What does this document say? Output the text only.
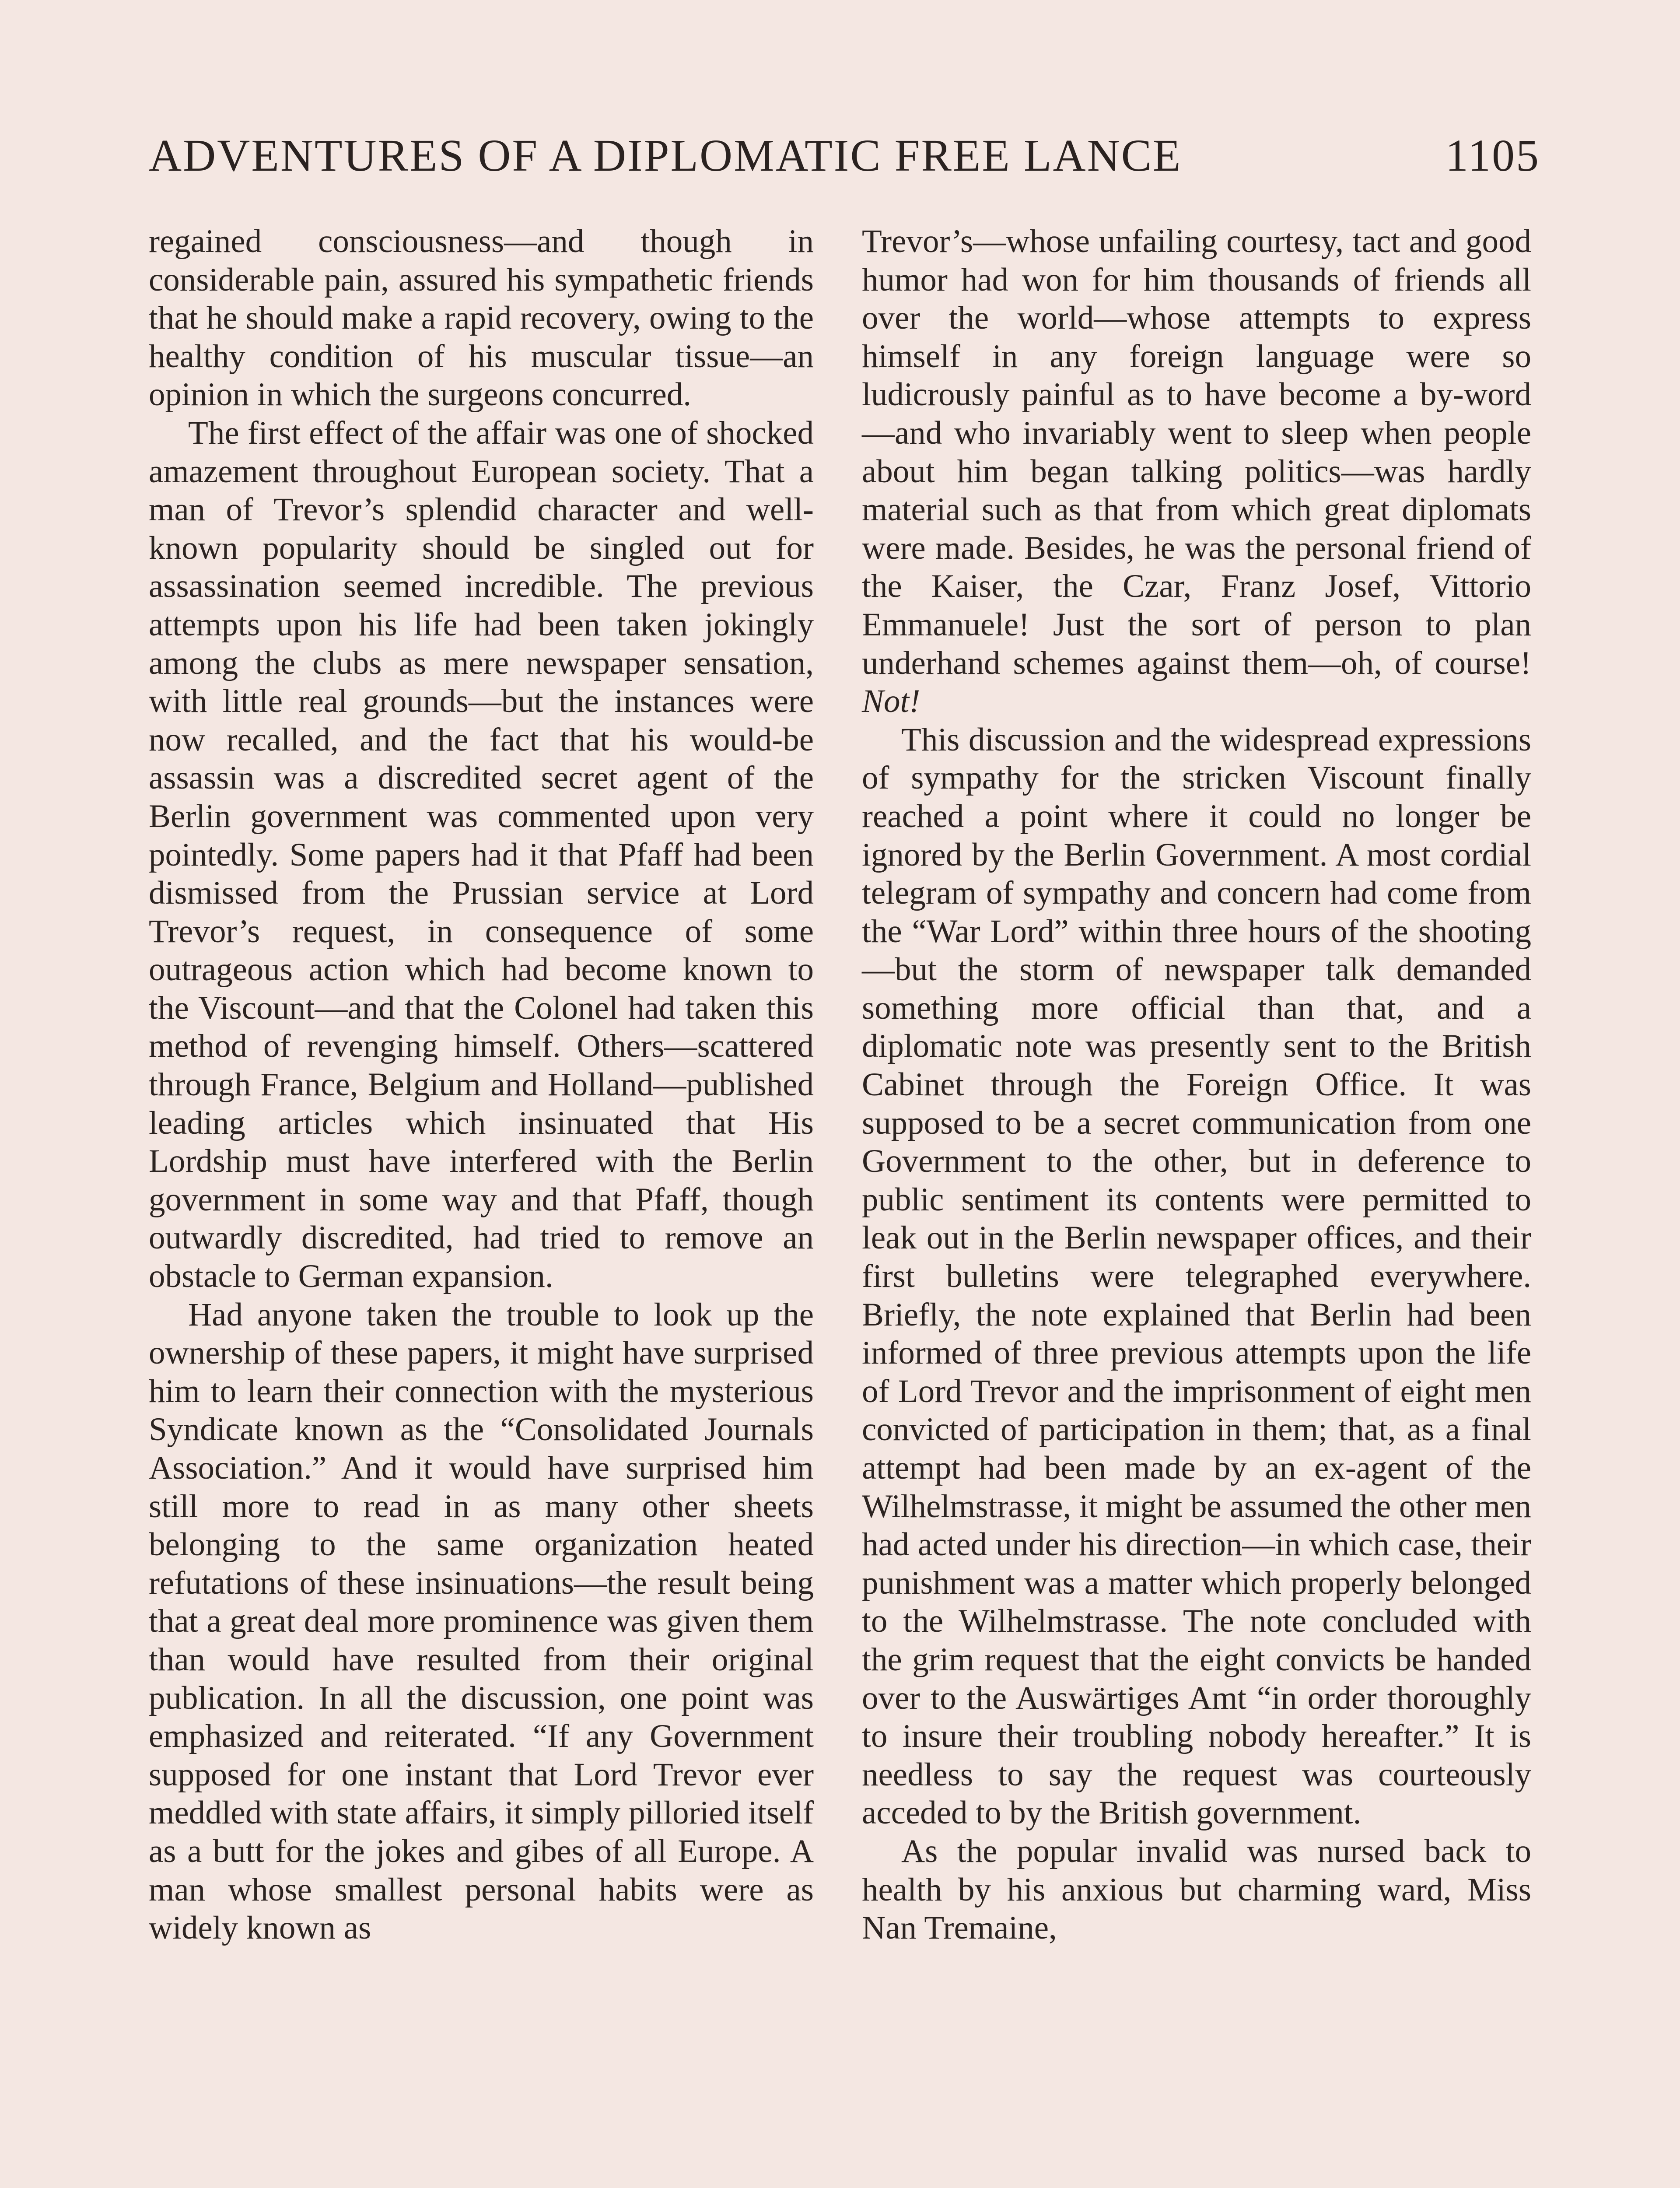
ADVENTURES OF A DIPLOMATIC FREE LANCE	1105

regained consciousness—and though in considerable pain, assured his sympathetic friends that he should make a rapid recovery, owing to the healthy condition of his muscular tissue—an opinion in which the surgeons concurred.

The first effect of the affair was one of shocked amazement throughout European society. That a man of Trevor’s splendid character and well-known popularity should be singled out for assassination seemed incredible. The previous attempts upon his life had been taken jokingly among the clubs as mere newspaper sensation, with little real grounds—but the instances were now recalled, and the fact that his would-be assassin was a discredited secret agent of the Berlin government was commented upon very pointedly. Some papers had it that Pfaff had been dismissed from the Prussian service at Lord Trevor’s request, in consequence of some outrageous action which had become known to the Viscount—and that the Colonel had taken this method of revenging himself. Others—scattered through France, Belgium and Holland—published leading articles which insinuated that His Lordship must have interfered with the Berlin government in some way and that Pfaff, though outwardly discredited, had tried to remove an obstacle to German expansion.

Had anyone taken the trouble to look up the ownership of these papers, it might have surprised him to learn their connection with the mysterious Syndicate known as the “Consolidated Journals Association.” And it would have surprised him still more to read in as many other sheets belonging to the same organization heated refutations of these insinuations—the result being that a great deal more prominence was given them than would have resulted from their original publication. In all the discussion, one point was emphasized and reiterated. “If any Government supposed for one instant that Lord Trevor ever meddled with state affairs, it simply pilloried itself as a butt for the jokes and gibes of all Europe. A man whose smallest personal habits were as widely known as

Trevor’s—whose unfailing courtesy, tact and good humor had won for him thousands of friends all over the world—whose attempts to express himself in any foreign language were so ludicrously painful as to have become a by-word—and who invariably went to sleep when people about him began talking politics—was hardly material such as that from which great diplomats were made. Besides, he was the personal friend of the Kaiser, the Czar, Franz Josef, Vittorio Emmanuele! Just the sort of person to plan underhand schemes against them—oh, of course! Not!

This discussion and the widespread expressions of sympathy for the stricken Viscount finally reached a point where it could no longer be ignored by the Berlin Government. A most cordial telegram of sympathy and concern had come from the “War Lord” within three hours of the shooting—but the storm of newspaper talk demanded something more official than that, and a diplomatic note was presently sent to the British Cabinet through the Foreign Office. It was supposed to be a secret communication from one Government to the other, but in deference to public sentiment its contents were permitted to leak out in the Berlin newspaper offices, and their first bulletins were telegraphed everywhere. Briefly, the note explained that Berlin had been informed of three previous attempts upon the life of Lord Trevor and the imprisonment of eight men convicted of participation in them; that, as a final attempt had been made by an ex-agent of the Wilhelmstrasse, it might be assumed the other men had acted under his direction—in which case, their punishment was a matter which properly belonged to the Wilhelmstrasse. The note concluded with the grim request that the eight convicts be handed over to the Auswärtiges Amt “in order thoroughly to insure their troubling nobody hereafter.” It is needless to say the request was courteously acceded to by the British government.

As the popular invalid was nursed back to health by his anxious but charming ward, Miss Nan Tremaine,
